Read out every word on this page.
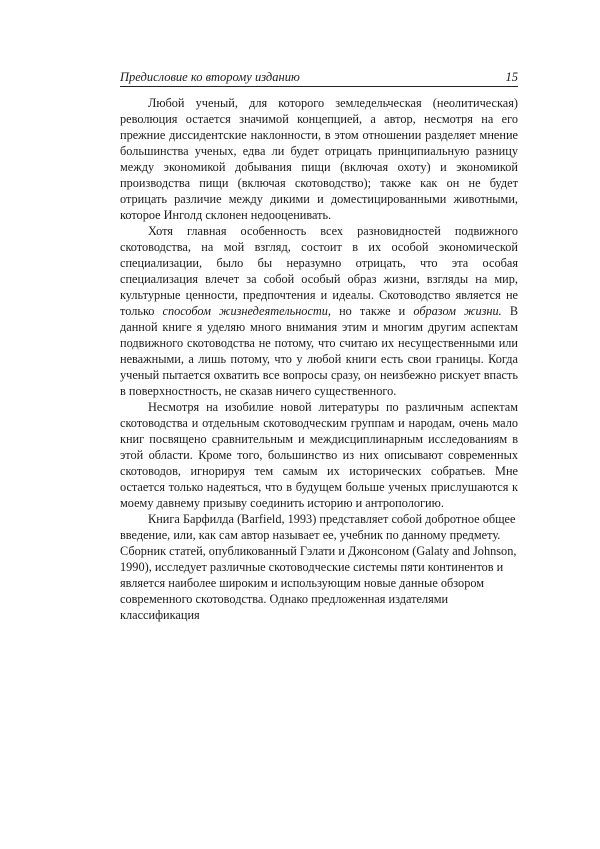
Предисловие ко второму изданию	15

Любой ученый, для которого земледельческая (неолитическая) революция остается значимой концепцией, а автор, несмотря на его прежние диссидентские наклонности, в этом отношении разделяет мнение большинства ученых, едва ли будет отрицать принципиальную разницу между экономикой добывания пищи (включая охоту) и экономикой производства пищи (включая скотоводство); также как он не будет отрицать различие между дикими и доместицированными животными, которое Инголд склонен недооценивать.

Хотя главная особенность всех разновидностей подвижного скотоводства, на мой взгляд, состоит в их особой экономической специализации, было бы неразумно отрицать, что эта особая специализация влечет за собой особый образ жизни, взгляды на мир, культурные ценности, предпочтения и идеалы. Скотоводство является не только способом жизнедеятельности, но также и образом жизни. В данной книге я уделяю много внимания этим и многим другим аспектам подвижного скотоводства не потому, что считаю их несущественными или неважными, а лишь потому, что у любой книги есть свои границы. Когда ученый пытается охватить все вопросы сразу, он неизбежно рискует впасть в поверхностность, не сказав ничего существенного.

Несмотря на изобилие новой литературы по различным аспектам скотоводства и отдельным скотоводческим группам и народам, очень мало книг посвящено сравнительным и междисциплинарным исследованиям в этой области. Кроме того, большинство из них описывают современных скотоводов, игнорируя тем самым их исторических собратьев. Мне остается только надеяться, что в будущем больше ученых прислушаются к моему давнему призыву соединить историю и антропологию.

Книга Барфилда (Barfield, 1993) представляет собой добротное общее введение, или, как сам автор называет ее, учебник по данному предмету. Сборник статей, опубликованный Гэлати и Джонсоном (Galaty and Johnson, 1990), исследует различные скотоводческие системы пяти континентов и является наиболее широким и использующим новые данные обзором современного скотоводства. Однако предложенная издателями классификация
